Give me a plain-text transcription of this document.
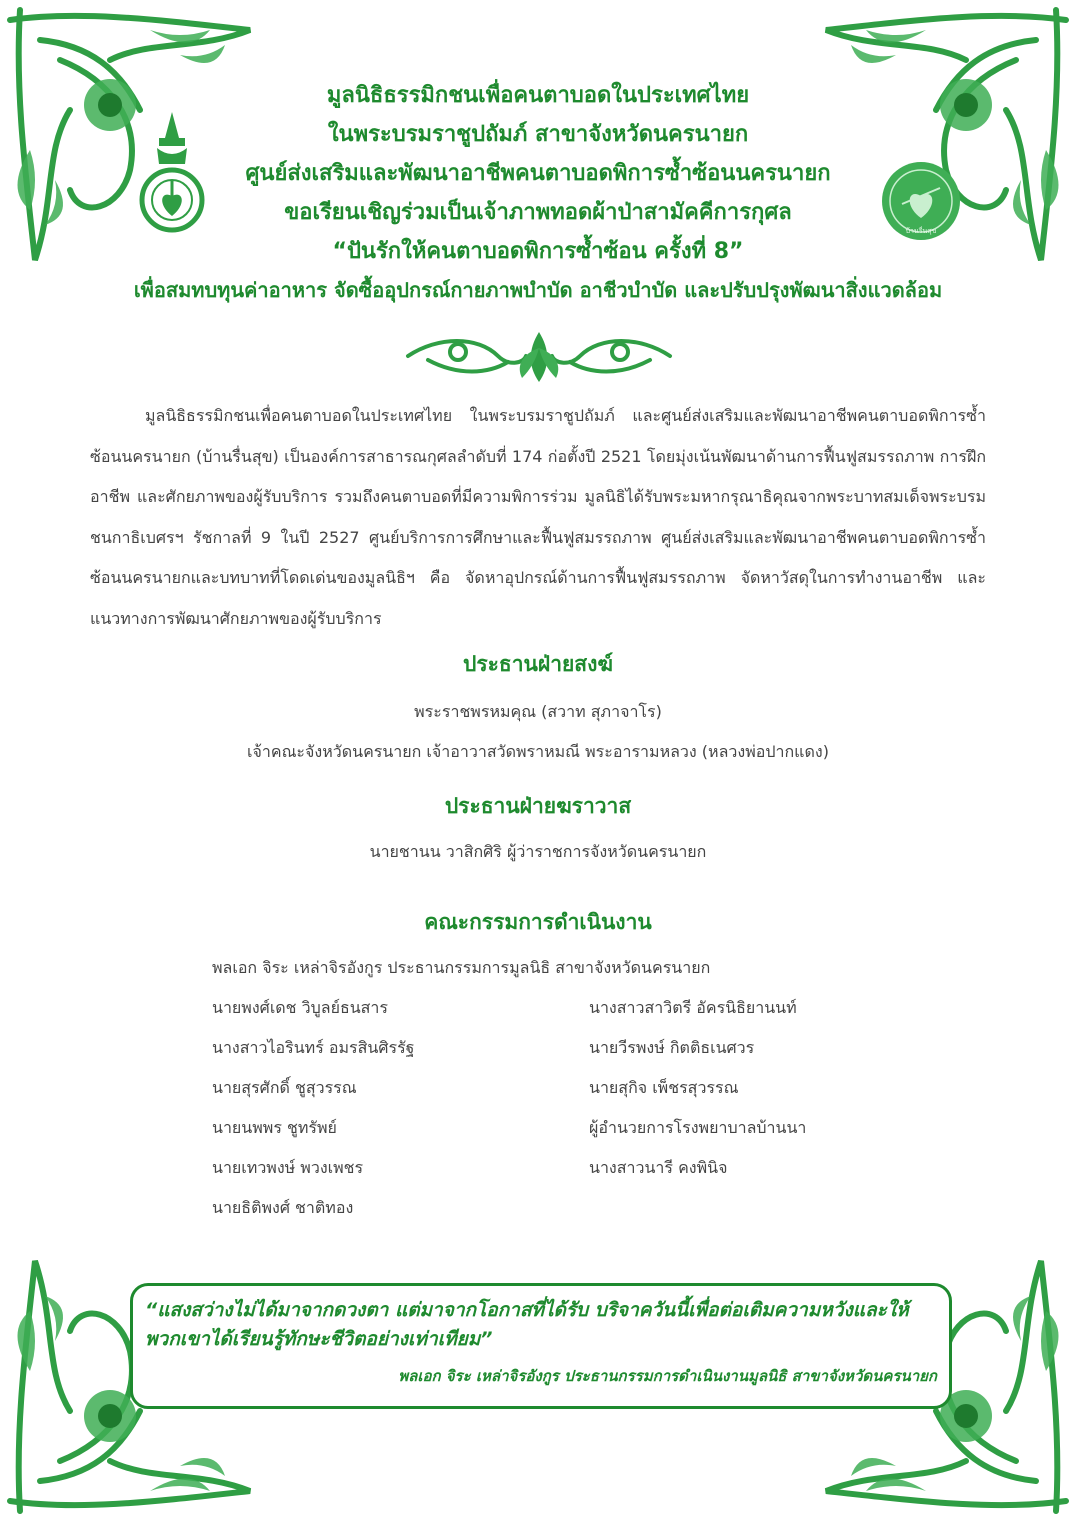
บ้านรื่นสุข
มูลนิธิธรรมิกชนเพื่อคนตาบอดในประเทศไทย
ในพระบรมราชูปถัมภ์ สาขาจังหวัดนครนายก
ศูนย์ส่งเสริมและพัฒนาอาชีพคนตาบอดพิการซ้ำซ้อนนครนายก
ขอเรียนเชิญร่วมเป็นเจ้าภาพทอดผ้าป่าสามัคคีการกุศล
“ปันรักให้คนตาบอดพิการซ้ำซ้อน ครั้งที่ 8”
เพื่อสมทบทุนค่าอาหาร จัดซื้ออุปกรณ์กายภาพบำบัด อาชีวบำบัด และปรับปรุงพัฒนาสิ่งแวดล้อม
มูลนิธิธรรมิกชนเพื่อคนตาบอดในประเทศไทย ในพระบรมราชูปถัมภ์ และศูนย์ส่งเสริมและพัฒนาอาชีพคนตาบอดพิการซ้ำซ้อนนครนายก (บ้านรื่นสุข) เป็นองค์การสาธารณกุศลลำดับที่ 174 ก่อตั้งปี 2521 โดยมุ่งเน้นพัฒนาด้านการฟื้นฟูสมรรถภาพ การฝึกอาชีพ และศักยภาพของผู้รับบริการ รวมถึงคนตาบอดที่มีความพิการร่วม มูลนิธิได้รับพระมหากรุณาธิคุณจากพระบาทสมเด็จพระบรมชนกาธิเบศรฯ รัชกาลที่ 9 ในปี 2527 ศูนย์บริการการศึกษาและฟื้นฟูสมรรถภาพ ศูนย์ส่งเสริมและพัฒนาอาชีพคนตาบอดพิการซ้ำซ้อนนครนายกและบทบาทที่โดดเด่นของมูลนิธิฯ คือ จัดหาอุปกรณ์ด้านการฟื้นฟูสมรรถภาพ จัดหาวัสดุในการทำงานอาชีพ และแนวทางการพัฒนาศักยภาพของผู้รับบริการ
ประธานฝ่ายสงฆ์
พระราชพรหมคุณ (สวาท สุภาจาโร)
เจ้าคณะจังหวัดนครนายก เจ้าอาวาสวัดพราหมณี พระอารามหลวง (หลวงพ่อปากแดง)
ประธานฝ่ายฆราวาส
นายชานน วาสิกศิริ ผู้ว่าราชการจังหวัดนครนายก
คณะกรรมการดำเนินงาน
พลเอก จิระ เหล่าจิรอังกูร ประธานกรรมการมูลนิธิ สาขาจังหวัดนครนายก
นายพงศ์เดช วิบูลย์ธนสาร	นางสาวสาวิตรี อัครนิธิยานนท์
นางสาวไอรินทร์ อมรสินศิรรัฐ	นายวีรพงษ์ กิตติธเนศวร
นายสุรศักดิ์ ชูสุวรรณ	นายสุกิจ เพ็ชรสุวรรณ
นายนพพร ชูทรัพย์	ผู้อำนวยการโรงพยาบาลบ้านนา
นายเทวพงษ์ พวงเพชร	นางสาวนารี คงพินิจ
นายธิติพงศ์ ชาติทอง
“แสงสว่างไม่ได้มาจากดวงตา แต่มาจากโอกาสที่ได้รับ บริจาควันนี้เพื่อต่อเติมความหวังและให้พวกเขาได้เรียนรู้ทักษะชีวิตอย่างเท่าเทียม”
พลเอก จิระ เหล่าจิรอังกูร ประธานกรรมการดำเนินงานมูลนิธิ สาขาจังหวัดนครนายก
